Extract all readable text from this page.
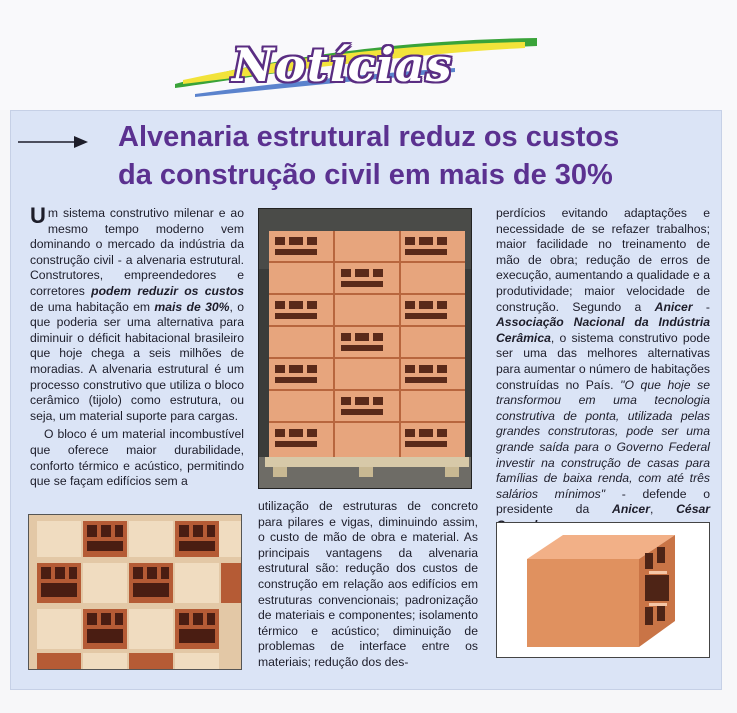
Notícias
Alvenaria estrutural reduz os custos
da construção civil em mais de 30%

Um sistema construtivo milenar e ao mesmo tempo moderno vem dominando o mercado da indústria da construção civil - a alvenaria estrutural. Construtores, empreendedores e corretores podem reduzir os custos de uma habitação em mais de 30%, o que poderia ser uma alternativa para diminuir o déficit habitacional brasileiro que hoje chega a seis milhões de moradias. A alvenaria estrutural é um processo construtivo que utiliza o bloco cerâmico (tijolo) como estrutura, ou seja, um material suporte para cargas.

O bloco é um material incombustível que oferece maior durabilidade, conforto térmico e acústico, permitindo que se façam edifícios sem a

utilização de estruturas de concreto para pilares e vigas, diminuindo assim, o custo de mão de obra e material. As principais vantagens da alvenaria estrutural são: redução dos custos de construção em relação aos edifícios em estruturas convencionais; padronização de materiais e componentes; isolamento térmico e acústico; diminuição de problemas de interface entre os materiais; redução dos des-

perdícios evitando adaptações e necessidade de se refazer trabalhos; maior facilidade no treinamento de mão de obra; redução de erros de execução, aumentando a qualidade e a produtividade; maior velocidade de construção. Segundo a Anicer - Associação Nacional da Indústria Cerâmica, o sistema construtivo pode ser uma das melhores alternativas para aumentar o número de habitações construídas no País. "O que hoje se transformou em uma tecnologia construtiva de ponta, utilizada pelas grandes construtoras, pode ser uma grande saída para o Governo Federal investir na construção de casas para famílias de baixa renda, com até três salários mínimos" - defende o presidente da Anicer, César
